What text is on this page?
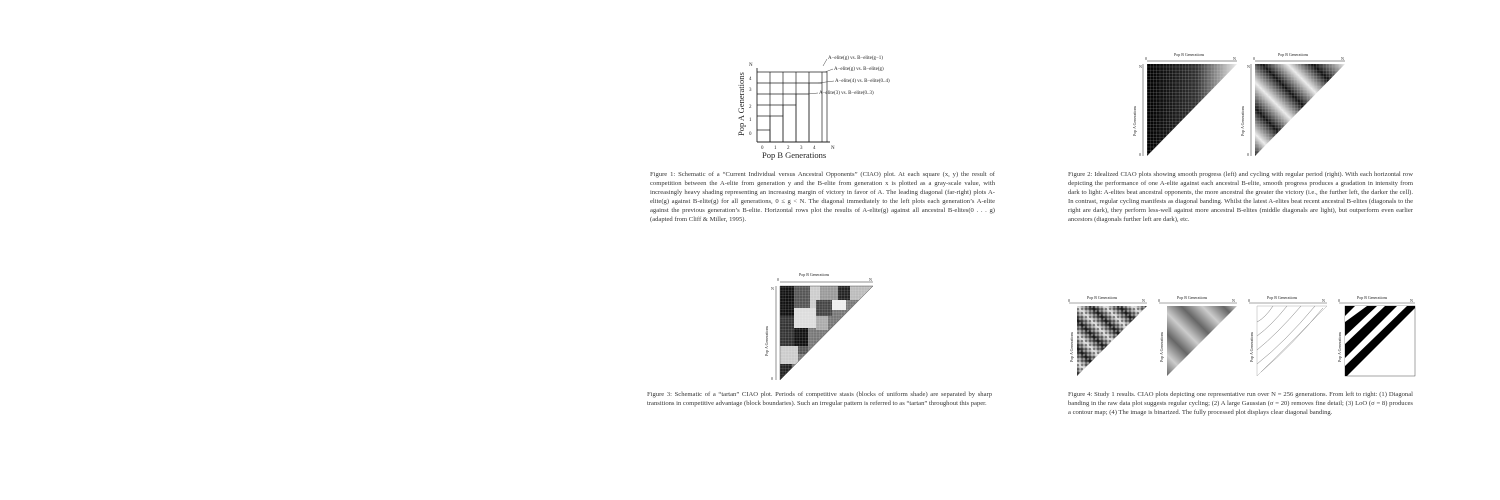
A−elite(g) vs. B−elite(g−1)
A−elite(g) vs. B−elite(g)
A−elite(4) vs. B−elite(0..4)
A−elite(3) vs. B−elite(0..3)
N
4
3
2
1
0
0 1 2 3 4	N
Pop B Generations
Pop A Generations
Figure 1: Schematic of a “Current Individual versus Ancestral Opponents” (CIAO) plot. At each square (x, y) the result of competition between the A-elite from generation y and the B-elite from generation x is plotted as a gray-scale value, with increasingly heavy shading representing an increasing margin of victory in favor of A. The leading diagonal (far-right) plots A-elite(g) against B-elite(g) for all generations, 0 ≤ g < N. The diagonal immediately to the left plots each generation’s A-elite against the previous generation’s B-elite. Horizontal rows plot the results of A-elite(g) against all ancestral B-elites(0 . . . g) (adapted from Cliff & Miller, 1995).
Pop B Generations
0	N
N
0
Pop A Generations
Pop B Generations
0	N
N
0
Pop A Generations
Figure 2: Idealized CIAO plots showing smooth progress (left) and cycling with regular period (right). With each horizontal row depicting the performance of one A-elite against each ancestral B-elite, smooth progress produces a gradation in intensity from dark to light: A-elites beat ancestral opponents, the more ancestral the greater the victory (i.e., the further left, the darker the cell). In contrast, regular cycling manifests as diagonal banding. Whilst the latest A-elites beat recent ancestral B-elites (diagonals to the right are dark), they perform less-well against more ancestral B-elites (middle diagonals are light), but outperform even earlier ancestors (diagonals further left are dark), etc.
Pop B Generations
0	N
N
0
Pop A Generations
Figure 3: Schematic of a “tartan” CIAO plot. Periods of competitive stasis (blocks of uniform shade) are separated by sharp transitions in competitive advantage (block boundaries). Such an irregular pattern is referred to as “tartan” throughout this paper.
Pop B Generations
0	N
Pop A Generations
Pop B Generations
0	N
Pop A Generations
Pop B Generations
0	N
Pop A Generations
Pop B Generations
0	N
Pop A Generations
Figure 4: Study 1 results. CIAO plots depicting one representative run over N = 256 generations. From left to right: (1) Diagonal banding in the raw data plot suggests regular cycling; (2) A large Gaussian (σ = 20) removes fine detail; (3) LoO (σ = 8) produces a contour map; (4) The image is binarized. The fully processed plot displays clear diagonal banding.
